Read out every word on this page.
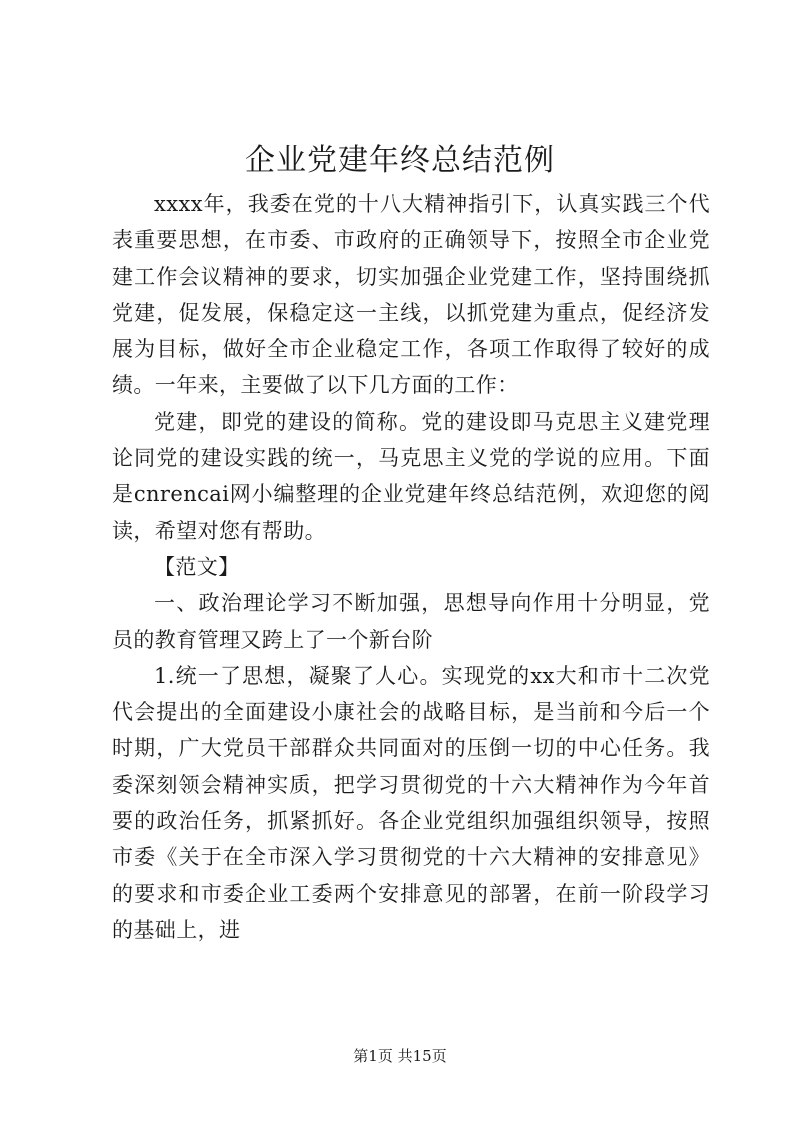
企业党建年终总结范例

xxxx年，我委在党的十八大精神指引下，认真实践三个代表重要思想，在市委、市政府的正确领导下，按照全市企业党建工作会议精神的要求，切实加强企业党建工作，坚持围绕抓党建，促发展，保稳定这一主线，以抓党建为重点，促经济发展为目标，做好全市企业稳定工作，各项工作取得了较好的成绩。一年来，主要做了以下几方面的工作：

党建，即党的建设的简称。党的建设即马克思主义建党理论同党的建设实践的统一，马克思主义党的学说的应用。下面是cnrencai网小编整理的企业党建年终总结范例，欢迎您的阅读，希望对您有帮助。

【范文】

一、政治理论学习不断加强，思想导向作用十分明显，党员的教育管理又跨上了一个新台阶

1.统一了思想，凝聚了人心。实现党的xx大和市十二次党代会提出的全面建设小康社会的战略目标，是当前和今后一个时期，广大党员干部群众共同面对的压倒一切的中心任务。我委深刻领会精神实质，把学习贯彻党的十六大精神作为今年首要的政治任务，抓紧抓好。各企业党组织加强组织领导，按照市委《关于在全市深入学习贯彻党的十六大精神的安排意见》的要求和市委企业工委两个安排意见的部署，在前一阶段学习的基础上，进

第1页 共15页
